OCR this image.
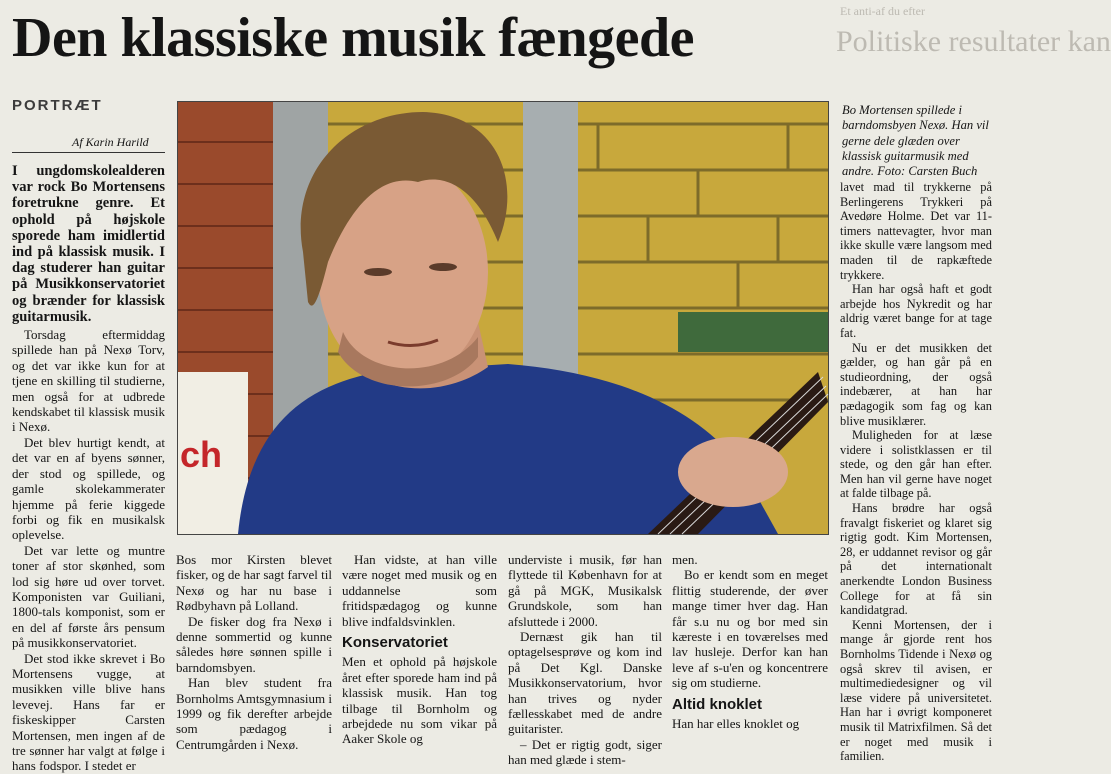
Et anti-af du efter
Politiske resultater kan
Den klassiske musik fængede
PORTRÆT
Af Karin Harild
ch
Bo Mortensen spillede i barndomsbyen Nexø. Han vil gerne dele glæden over klassisk guitarmusik med andre. Foto: Carsten Buch

I ungdomskolealderen var rock Bo Mortensens foretrukne genre. Et ophold på højskole sporede ham imidlertid ind på klassisk musik. I dag studerer han guitar på Musikkonservatoriet og brænder for klassisk guitarmusik.

Torsdag eftermiddag spillede han på Nexø Torv, og det var ikke kun for at tjene en skilling til studierne, men også for at udbrede kendskabet til klassisk musik i Nexø.

Det blev hurtigt kendt, at det var en af byens sønner, der stod og spillede, og gamle skolekammerater hjemme på ferie kiggede forbi og fik en musikalsk oplevelse.

Det var lette og muntre toner af stor skønhed, som lod sig høre ud over torvet. Komponisten var Guiliani, 1800-tals komponist, som er en del af første års pensum på musikkonservatoriet.

Det stod ikke skrevet i Bo Mortensens vugge, at musikken ville blive hans levevej. Hans far er fiskeskipper Carsten Mortensen, men ingen af de tre sønner har valgt at følge i hans fodspor. I stedet er

Bos mor Kirsten blevet fisker, og de har sagt farvel til Nexø og har nu base i Rødbyhavn på Lolland.

De fisker dog fra Nexø i denne sommertid og kunne således høre sønnen spille i barndomsbyen.

Han blev student fra Bornholms Amtsgymnasium i 1999 og fik derefter arbejde som pædagog i Centrumgården i Nexø.

Han vidste, at han ville være noget med musik og en uddannelse som fritidspædagog og kunne blive indfaldsvinklen.

Konservatoriet

Men et ophold på højskole året efter sporede ham ind på klassisk musik. Han tog tilbage til Bornholm og arbejdede nu som vikar på Aaker Skole og

underviste i musik, før han flyttede til København for at gå på MGK, Musikalsk Grundskole, som han afsluttede i 2000.

Dernæst gik han til optagelsesprøve og kom ind på Det Kgl. Danske Musikkonservatorium, hvor han trives og nyder fællesskabet med de andre guitarister.

– Det er rigtig godt, siger han med glæde i stem-

men.

Bo er kendt som en meget flittig studerende, der øver mange timer hver dag. Han får s.u nu og bor med sin kæreste i en toværelses med lav husleje. Derfor kan han leve af s-u'en og koncentrere sig om studierne.

Altid knoklet

Han har elles knoklet og

lavet mad til trykkerne på Berlingerens Trykkeri på Avedøre Holme. Det var 11-timers nattevagter, hvor man ikke skulle være langsom med maden til de rapkæftede trykkere.

Han har også haft et godt arbejde hos Nykredit og har aldrig været bange for at tage fat.

Nu er det musikken det gælder, og han går på en studieordning, der også indebærer, at han har pædagogik som fag og kan blive musiklærer.

Muligheden for at læse videre i solistklassen er til stede, og den går han efter. Men han vil gerne have noget at falde tilbage på.

Hans brødre har også fravalgt fiskeriet og klaret sig rigtig godt. Kim Mortensen, 28, er uddannet revisor og går på det internationalt anerkendte London Business College for at få sin kandidatgrad.

Kenni Mortensen, der i mange år gjorde rent hos Bornholms Tidende i Nexø og også skrev til avisen, er multimediedesigner og vil læse videre på universitetet. Han har i øvrigt komponeret musik til Matrixfilmen. Så det er noget med musik i familien.
